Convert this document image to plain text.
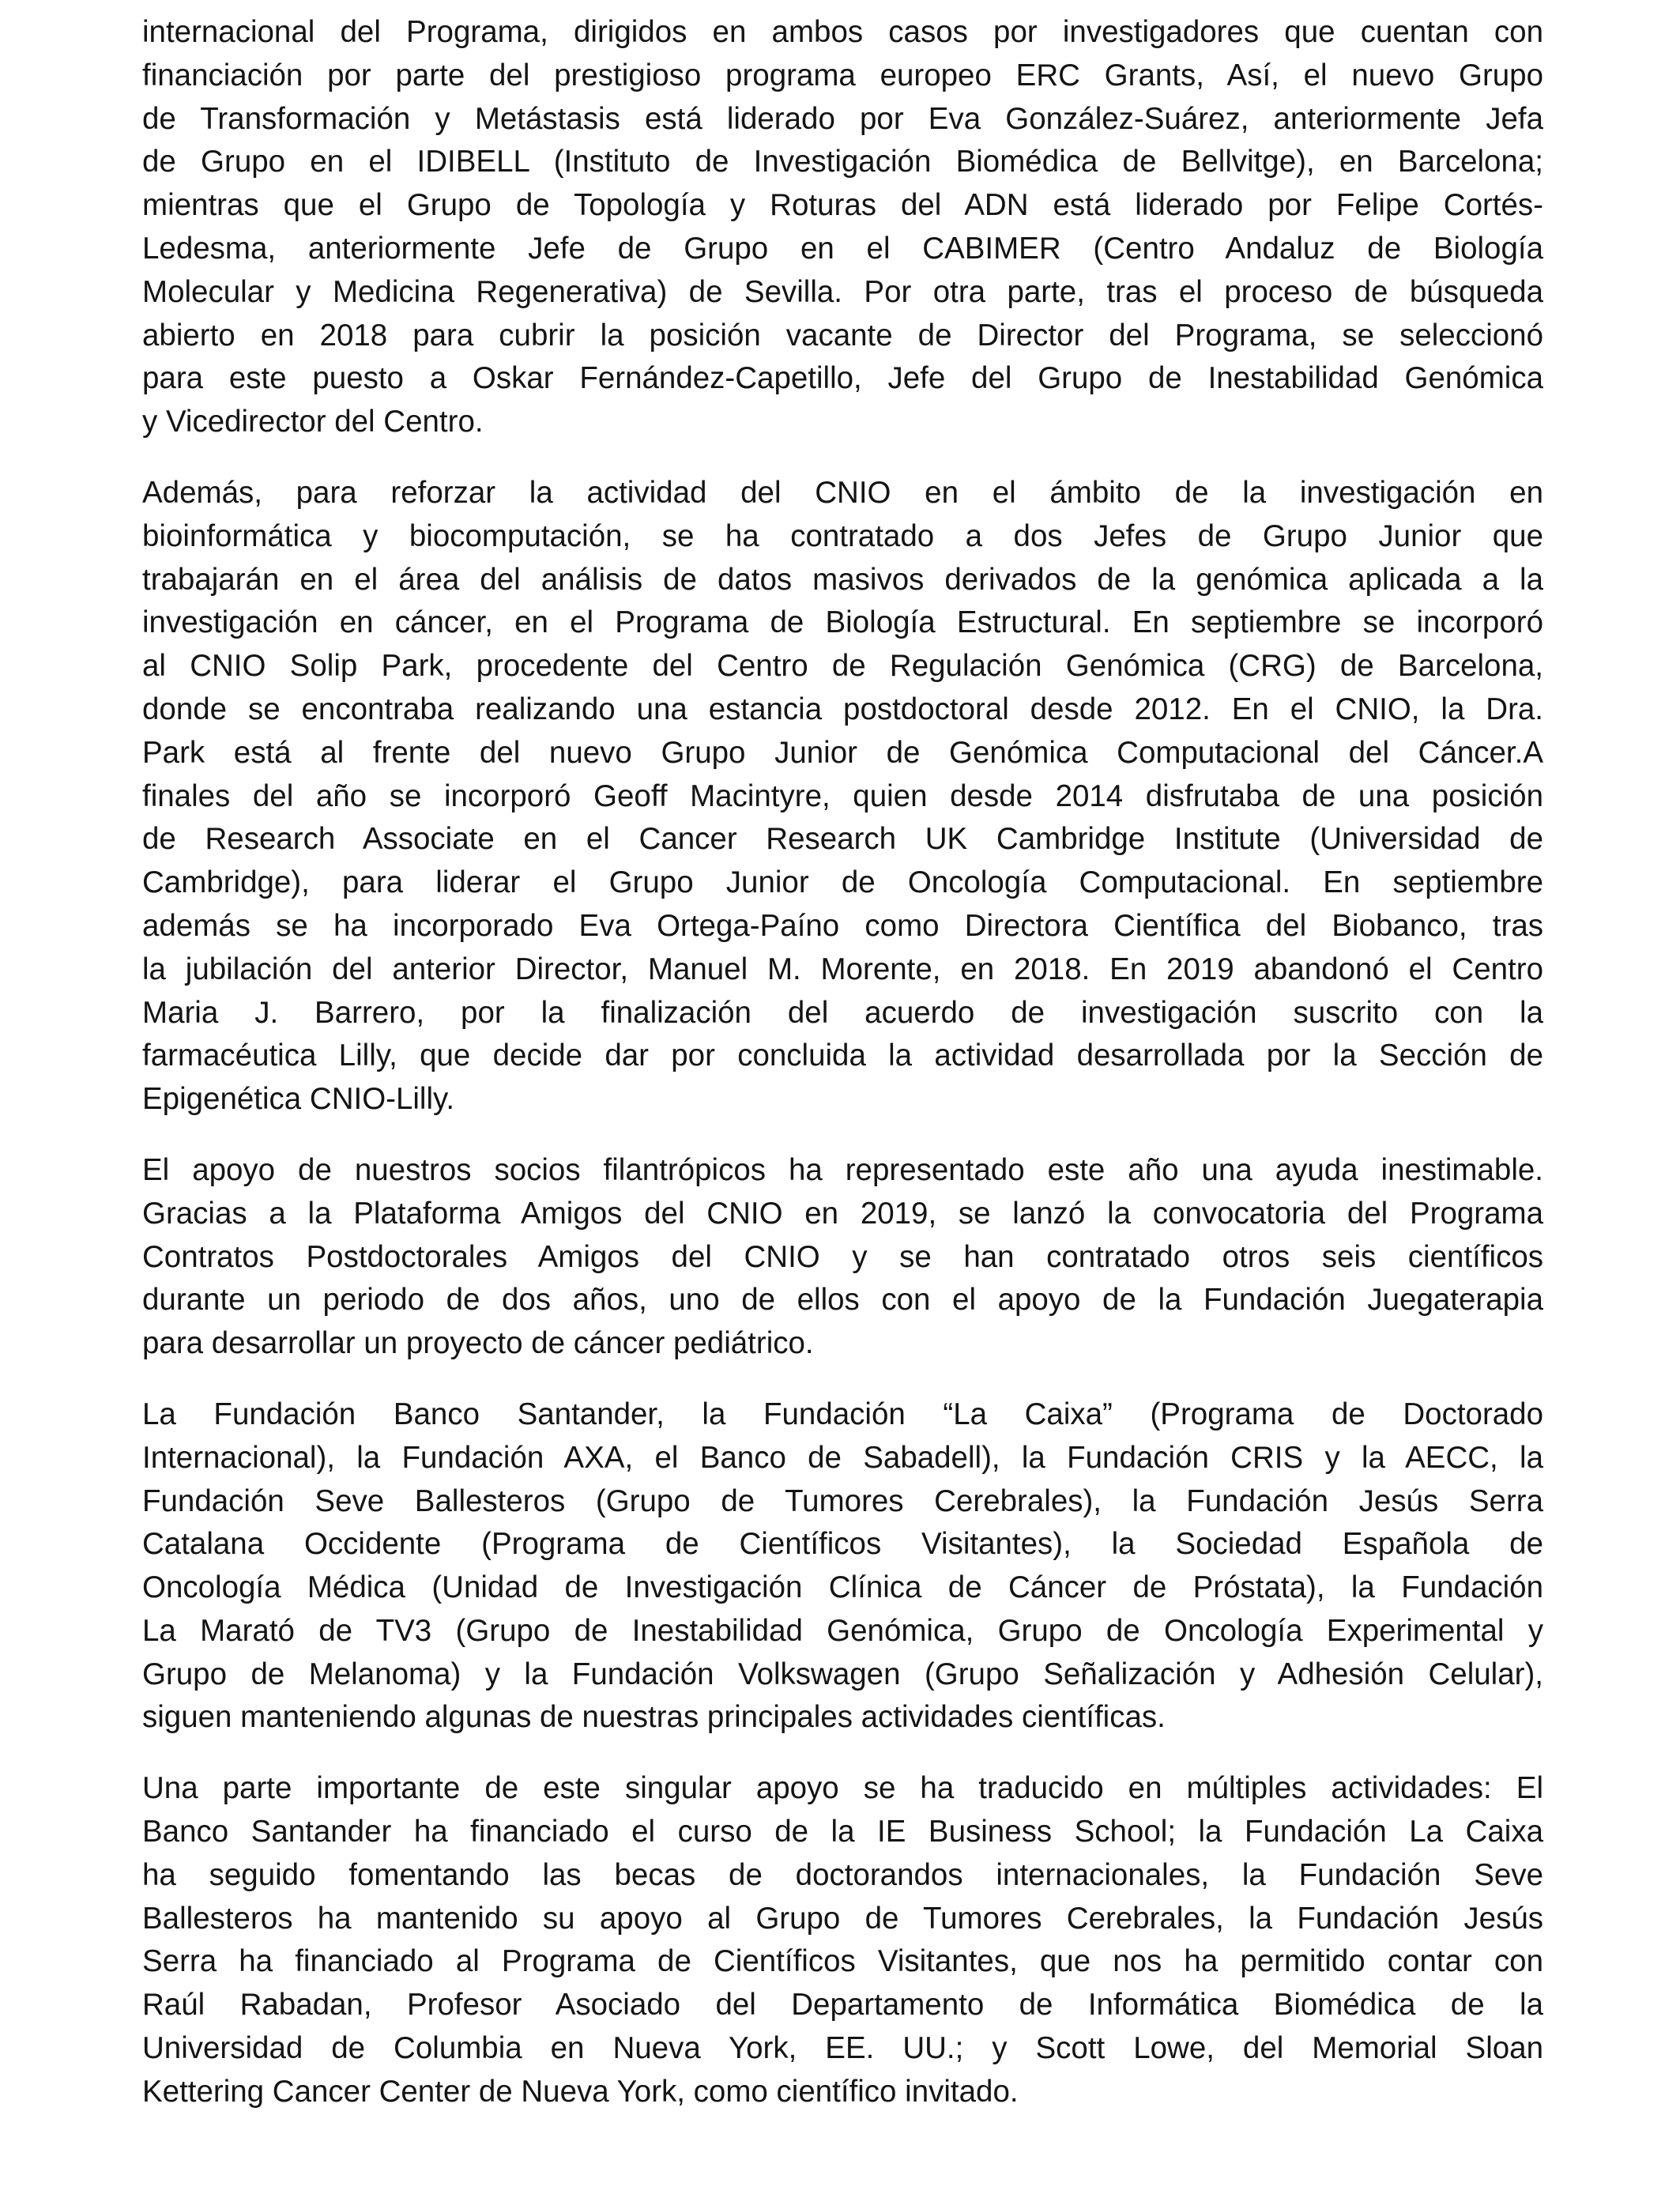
internacional del Programa, dirigidos en ambos casos por investigadores que cuentan con
financiación por parte del prestigioso programa europeo ERC Grants, Así, el nuevo Grupo
de Transformación y Metástasis está liderado por Eva González-Suárez, anteriormente Jefa
de Grupo en el IDIBELL (Instituto de Investigación Biomédica de Bellvitge), en Barcelona;
mientras que el Grupo de Topología y Roturas del ADN está liderado por Felipe Cortés-
Ledesma, anteriormente Jefe de Grupo en el CABIMER (Centro Andaluz de Biología
Molecular y Medicina Regenerativa) de Sevilla. Por otra parte, tras el proceso de búsqueda
abierto en 2018 para cubrir la posición vacante de Director del Programa, se seleccionó
para este puesto a Oskar Fernández-Capetillo, Jefe del Grupo de Inestabilidad Genómica
y Vicedirector del Centro.
Además, para reforzar la actividad del CNIO en el ámbito de la investigación en
bioinformática y biocomputación, se ha contratado a dos Jefes de Grupo Junior que
trabajarán en el área del análisis de datos masivos derivados de la genómica aplicada a la
investigación en cáncer, en el Programa de Biología Estructural. En septiembre se incorporó
al CNIO Solip Park, procedente del Centro de Regulación Genómica (CRG) de Barcelona,
donde se encontraba realizando una estancia postdoctoral desde 2012. En el CNIO, la Dra.
Park está al frente del nuevo Grupo Junior de Genómica Computacional del Cáncer.A
finales del año se incorporó Geoff Macintyre, quien desde 2014 disfrutaba de una posición
de Research Associate en el Cancer Research UK Cambridge Institute (Universidad de
Cambridge), para liderar el Grupo Junior de Oncología Computacional. En septiembre
además se ha incorporado Eva Ortega-Paíno como Directora Científica del Biobanco, tras
la jubilación del anterior Director, Manuel M. Morente, en 2018. En 2019 abandonó el Centro
Maria J. Barrero, por la finalización del acuerdo de investigación suscrito con la
farmacéutica Lilly, que decide dar por concluida la actividad desarrollada por la Sección de
Epigenética CNIO-Lilly.
El apoyo de nuestros socios filantrópicos ha representado este año una ayuda inestimable.
Gracias a la Plataforma Amigos del CNIO en 2019, se lanzó la convocatoria del Programa
Contratos Postdoctorales Amigos del CNIO y se han contratado otros seis científicos
durante un periodo de dos años, uno de ellos con el apoyo de la Fundación Juegaterapia
para desarrollar un proyecto de cáncer pediátrico.
La Fundación Banco Santander, la Fundación “La Caixa” (Programa de Doctorado
Internacional), la Fundación AXA, el Banco de Sabadell), la Fundación CRIS y la AECC, la
Fundación Seve Ballesteros (Grupo de Tumores Cerebrales), la Fundación Jesús Serra
Catalana Occidente (Programa de Científicos Visitantes), la Sociedad Española de
Oncología Médica (Unidad de Investigación Clínica de Cáncer de Próstata), la Fundación
La Marató de TV3 (Grupo de Inestabilidad Genómica, Grupo de Oncología Experimental y
Grupo de Melanoma) y la Fundación Volkswagen (Grupo Señalización y Adhesión Celular),
siguen manteniendo algunas de nuestras principales actividades científicas.
Una parte importante de este singular apoyo se ha traducido en múltiples actividades: El
Banco Santander ha financiado el curso de la IE Business School; la Fundación La Caixa
ha seguido fomentando las becas de doctorandos internacionales, la Fundación Seve
Ballesteros ha mantenido su apoyo al Grupo de Tumores Cerebrales, la Fundación Jesús
Serra ha financiado al Programa de Científicos Visitantes, que nos ha permitido contar con
Raúl Rabadan, Profesor Asociado del Departamento de Informática Biomédica de la
Universidad de Columbia en Nueva York, EE. UU.; y Scott Lowe, del Memorial Sloan
Kettering Cancer Center de Nueva York, como científico invitado.
